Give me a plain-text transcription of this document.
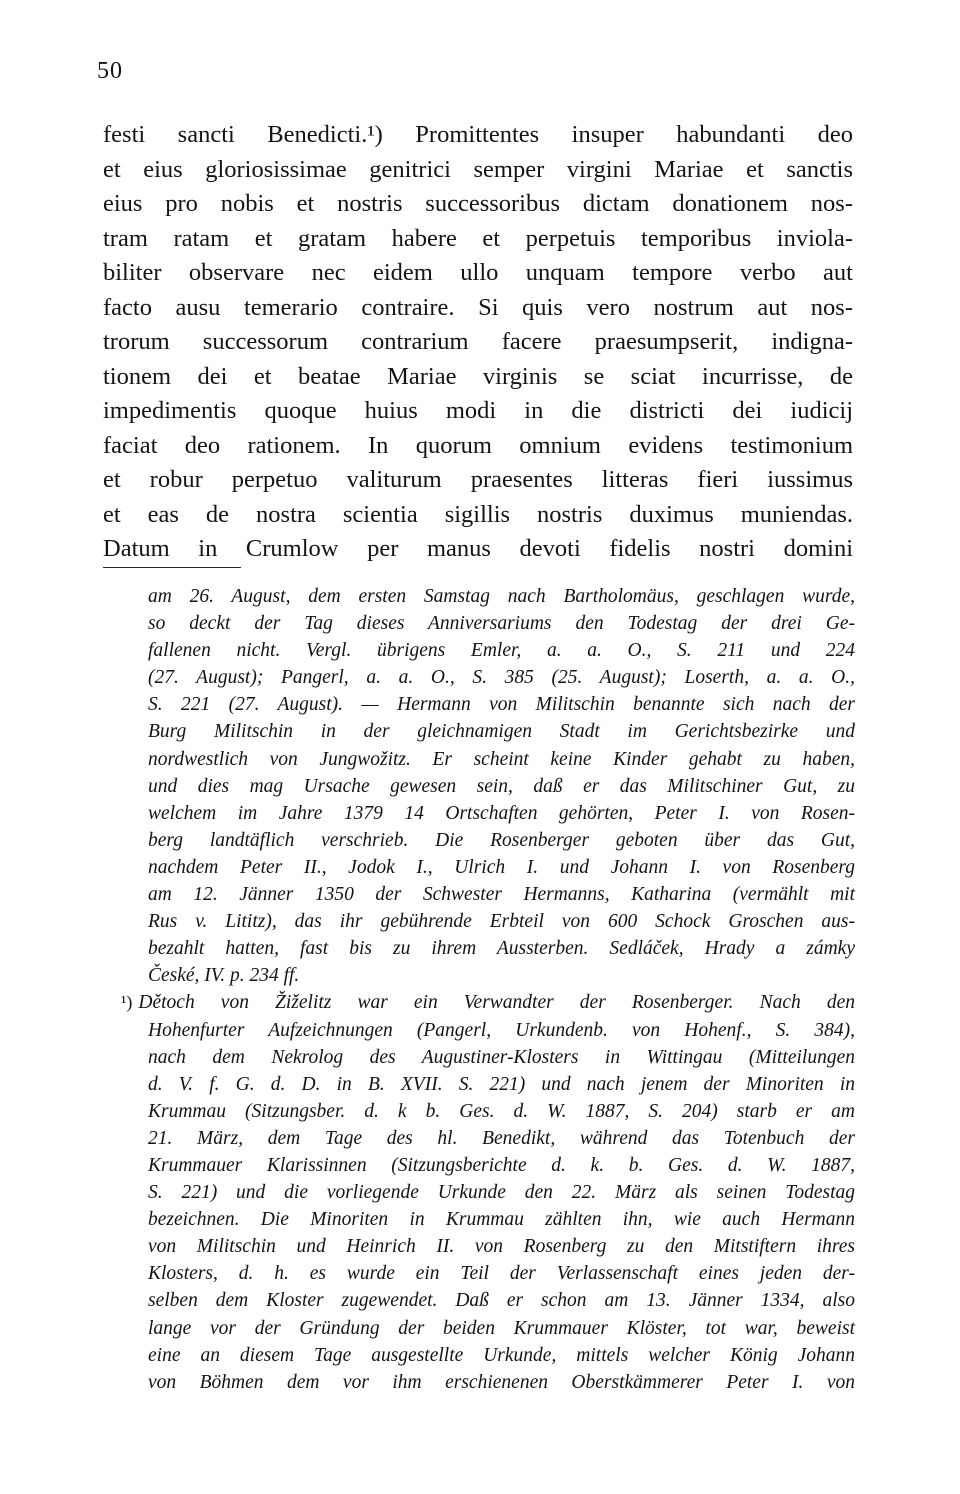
50
festi sancti Benedicti.¹) Promittentes insuper habundanti deo
et eius gloriosissimae genitrici semper virgini Mariae et sanctis
eius pro nobis et nostris successoribus dictam donationem nos-
tram ratam et gratam habere et perpetuis temporibus inviola-
biliter observare nec eidem ullo unquam tempore verbo aut
facto ausu temerario contraire. Si quis vero nostrum aut nos-
trorum successorum contrarium facere praesumpserit, indigna-
tionem dei et beatae Mariae virginis se sciat incurrisse, de
impedimentis quoque huius modi in die districti dei iudicij
faciat deo rationem. In quorum omnium evidens testimonium
et robur perpetuo valiturum praesentes litteras fieri iussimus
et eas de nostra scientia sigillis nostris duximus muniendas.
Datum in Crumlow per manus devoti fidelis nostri domini
am 26. August, dem ersten Samstag nach Bartholomäus, geschlagen wurde,
so deckt der Tag dieses Anniversariums den Todestag der drei Ge-
fallenen nicht. Vergl. übrigens Emler, a. a. O., S. 211 und 224
(27. August); Pangerl, a. a. O., S. 385 (25. August); Loserth, a. a. O.,
S. 221 (27. August). — Hermann von Militschin benannte sich nach der
Burg Militschin in der gleichnamigen Stadt im Gerichtsbezirke und
nordwestlich von Jungwožitz. Er scheint keine Kinder gehabt zu haben,
und dies mag Ursache gewesen sein, daß er das Militschiner Gut, zu
welchem im Jahre 1379 14 Ortschaften gehörten, Peter I. von Rosen-
berg landtäflich verschrieb. Die Rosenberger geboten über das Gut,
nachdem Peter II., Jodok I., Ulrich I. und Johann I. von Rosenberg
am 12. Jänner 1350 der Schwester Hermanns, Katharina (vermählt mit
Rus v. Lititz), das ihr gebührende Erbteil von 600 Schock Groschen aus-
bezahlt hatten, fast bis zu ihrem Aussterben. Sedláček, Hrady a zámky
České, IV. p. 234 ff.
¹) Dětoch von Žiželitz war ein Verwandter der Rosenberger. Nach den
Hohenfurter Aufzeichnungen (Pangerl, Urkundenb. von Hohenf., S. 384),
nach dem Nekrolog des Augustiner-Klosters in Wittingau (Mitteilungen
d. V. f. G. d. D. in B. XVII. S. 221) und nach jenem der Minoriten in
Krummau (Sitzungsber. d. k b. Ges. d. W. 1887, S. 204) starb er am
21. März, dem Tage des hl. Benedikt, während das Totenbuch der
Krummauer Klarissinnen (Sitzungsberichte d. k. b. Ges. d. W. 1887,
S. 221) und die vorliegende Urkunde den 22. März als seinen Todestag
bezeichnen. Die Minoriten in Krummau zählten ihn, wie auch Hermann
von Militschin und Heinrich II. von Rosenberg zu den Mitstiftern ihres
Klosters, d. h. es wurde ein Teil der Verlassenschaft eines jeden der-
selben dem Kloster zugewendet. Daß er schon am 13. Jänner 1334, also
lange vor der Gründung der beiden Krummauer Klöster, tot war, beweist
eine an diesem Tage ausgestellte Urkunde, mittels welcher König Johann
von Böhmen dem vor ihm erschienenen Oberstkämmerer Peter I. von
